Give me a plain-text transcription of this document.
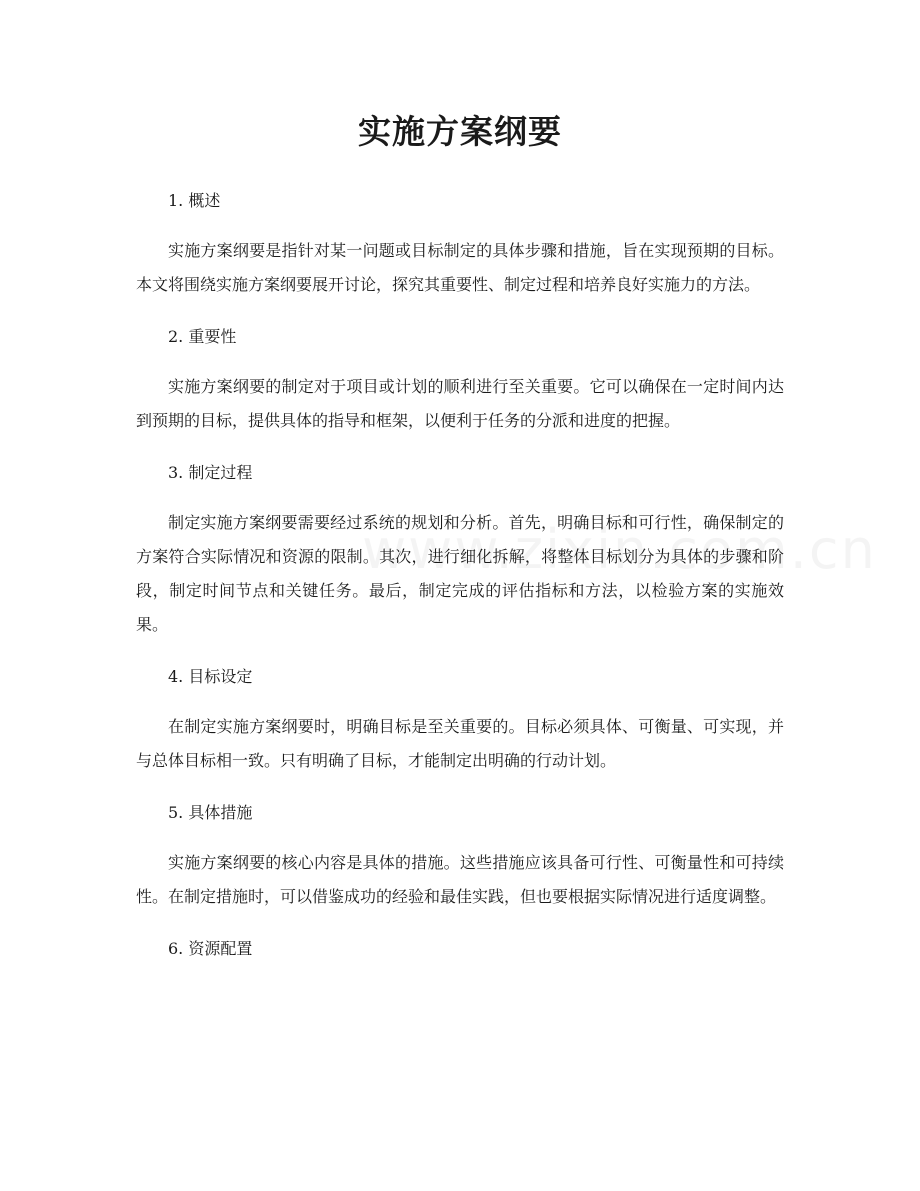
实施方案纲要

1. 概述

实施方案纲要是指针对某一问题或目标制定的具体步骤和措施，旨在实现预期的目标。本文将围绕实施方案纲要展开讨论，探究其重要性、制定过程和培养良好实施力的方法。

2. 重要性

实施方案纲要的制定对于项目或计划的顺利进行至关重要。它可以确保在一定时间内达到预期的目标，提供具体的指导和框架，以便利于任务的分派和进度的把握。

3. 制定过程

制定实施方案纲要需要经过系统的规划和分析。首先，明确目标和可行性，确保制定的方案符合实际情况和资源的限制。其次，进行细化拆解，将整体目标划分为具体的步骤和阶段，制定时间节点和关键任务。最后，制定完成的评估指标和方法，以检验方案的实施效果。

4. 目标设定

在制定实施方案纲要时，明确目标是至关重要的。目标必须具体、可衡量、可实现，并与总体目标相一致。只有明确了目标，才能制定出明确的行动计划。

5. 具体措施

实施方案纲要的核心内容是具体的措施。这些措施应该具备可行性、可衡量性和可持续性。在制定措施时，可以借鉴成功的经验和最佳实践，但也要根据实际情况进行适度调整。

6. 资源配置
